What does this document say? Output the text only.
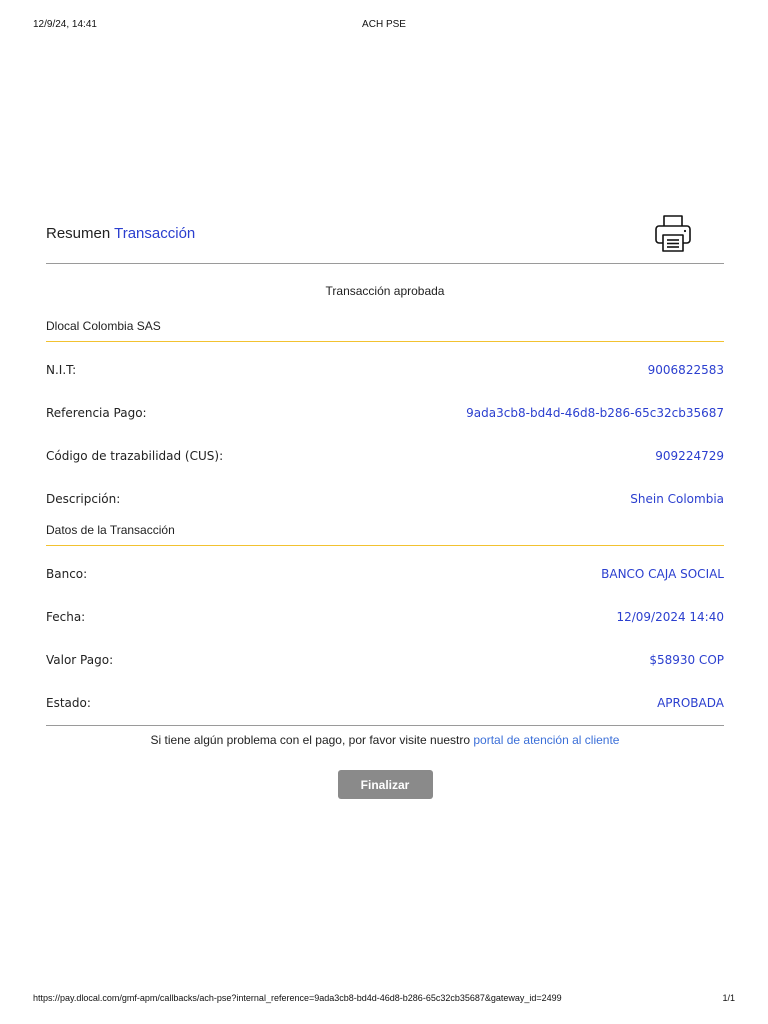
12/9/24, 14:41	ACH PSE
Resumen Transacción
Transacción aprobada
Dlocal Colombia SAS
N.I.T:	9006822583
Referencia Pago:	9ada3cb8-bd4d-46d8-b286-65c32cb35687
Código de trazabilidad (CUS):	909224729
Descripción:	Shein Colombia
Datos de la Transacción
Banco:	BANCO CAJA SOCIAL
Fecha:	12/09/2024 14:40
Valor Pago:	$58930 COP
Estado:	APROBADA
Si tiene algún problema con el pago, por favor visite nuestro portal de atención al cliente
Finalizar
https://pay.dlocal.com/gmf-apm/callbacks/ach-pse?internal_reference=9ada3cb8-bd4d-46d8-b286-65c32cb35687&gateway_id=2499	1/1
